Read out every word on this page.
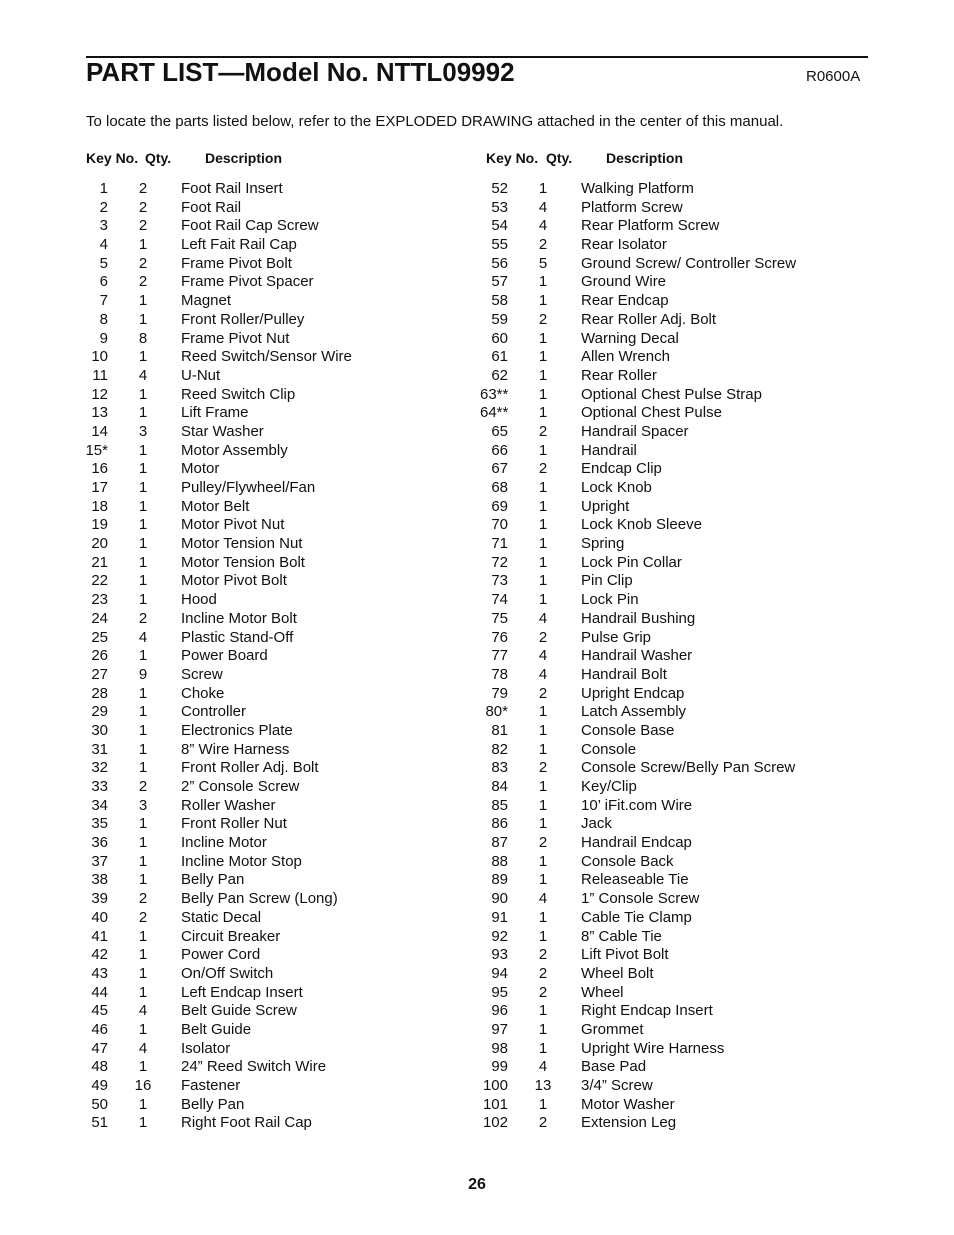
PART LIST—Model No. NTTL09992	R0600A
To locate the parts listed below, refer to the EXPLODED DRAWING attached in the center of this manual.
Key No. Qty. Description	Key No. Qty. Description
1	2	Foot Rail Insert
2	2	Foot Rail
3	2	Foot Rail Cap Screw
4	1	Left Fait Rail Cap
5	2	Frame Pivot Bolt
6	2	Frame Pivot Spacer
7	1	Magnet
8	1	Front Roller/Pulley
9	8	Frame Pivot Nut
10	1	Reed Switch/Sensor Wire
11	4	U-Nut
12	1	Reed Switch Clip
13	1	Lift Frame
14	3	Star Washer
15*	1	Motor Assembly
16	1	Motor
17	1	Pulley/Flywheel/Fan
18	1	Motor Belt
19	1	Motor Pivot Nut
20	1	Motor Tension Nut
21	1	Motor Tension Bolt
22	1	Motor Pivot Bolt
23	1	Hood
24	2	Incline Motor Bolt
25	4	Plastic Stand-Off
26	1	Power Board
27	9	Screw
28	1	Choke
29	1	Controller
30	1	Electronics Plate
31	1	8” Wire Harness
32	1	Front Roller Adj. Bolt
33	2	2” Console Screw
34	3	Roller Washer
35	1	Front Roller Nut
36	1	Incline Motor
37	1	Incline Motor Stop
38	1	Belly Pan
39	2	Belly Pan Screw (Long)
40	2	Static Decal
41	1	Circuit Breaker
42	1	Power Cord
43	1	On/Off Switch
44	1	Left Endcap Insert
45	4	Belt Guide Screw
46	1	Belt Guide
47	4	Isolator
48	1	24” Reed Switch Wire
49 16 Fastener
50	1	Belly Pan
51	1	Right Foot Rail Cap
52	1	Walking Platform
53	4	Platform Screw
54	4	Rear Platform Screw
55	2	Rear Isolator
56	5	Ground Screw/ Controller Screw
57	1	Ground Wire
58	1	Rear Endcap
59	2	Rear Roller Adj. Bolt
60	1	Warning Decal
61	1	Allen Wrench
62	1	Rear Roller
63**	1	Optional Chest Pulse Strap
64**	1	Optional Chest Pulse
65	2	Handrail Spacer
66	1	Handrail
67	2	Endcap Clip
68	1	Lock Knob
69	1	Upright
70	1	Lock Knob Sleeve
71	1	Spring
72	1	Lock Pin Collar
73	1	Pin Clip
74	1	Lock Pin
75	4	Handrail Bushing
76	2	Pulse Grip
77	4	Handrail Washer
78	4	Handrail Bolt
79	2	Upright Endcap
80*	1	Latch Assembly
81	1	Console Base
82	1	Console
83	2	Console Screw/Belly Pan Screw
84	1	Key/Clip
85	1	10’ iFit.com Wire
86	1	Jack
87	2	Handrail Endcap
88	1	Console Back
89	1	Releaseable Tie
90	4	1” Console Screw
91	1	Cable Tie Clamp
92	1	8” Cable Tie
93	2	Lift Pivot Bolt
94	2	Wheel Bolt
95	2	Wheel
96	1	Right Endcap Insert
97	1	Grommet
98	1	Upright Wire Harness
99	4	Base Pad
100 13 3/4” Screw
101	1	Motor Washer
102	2	Extension Leg
26
